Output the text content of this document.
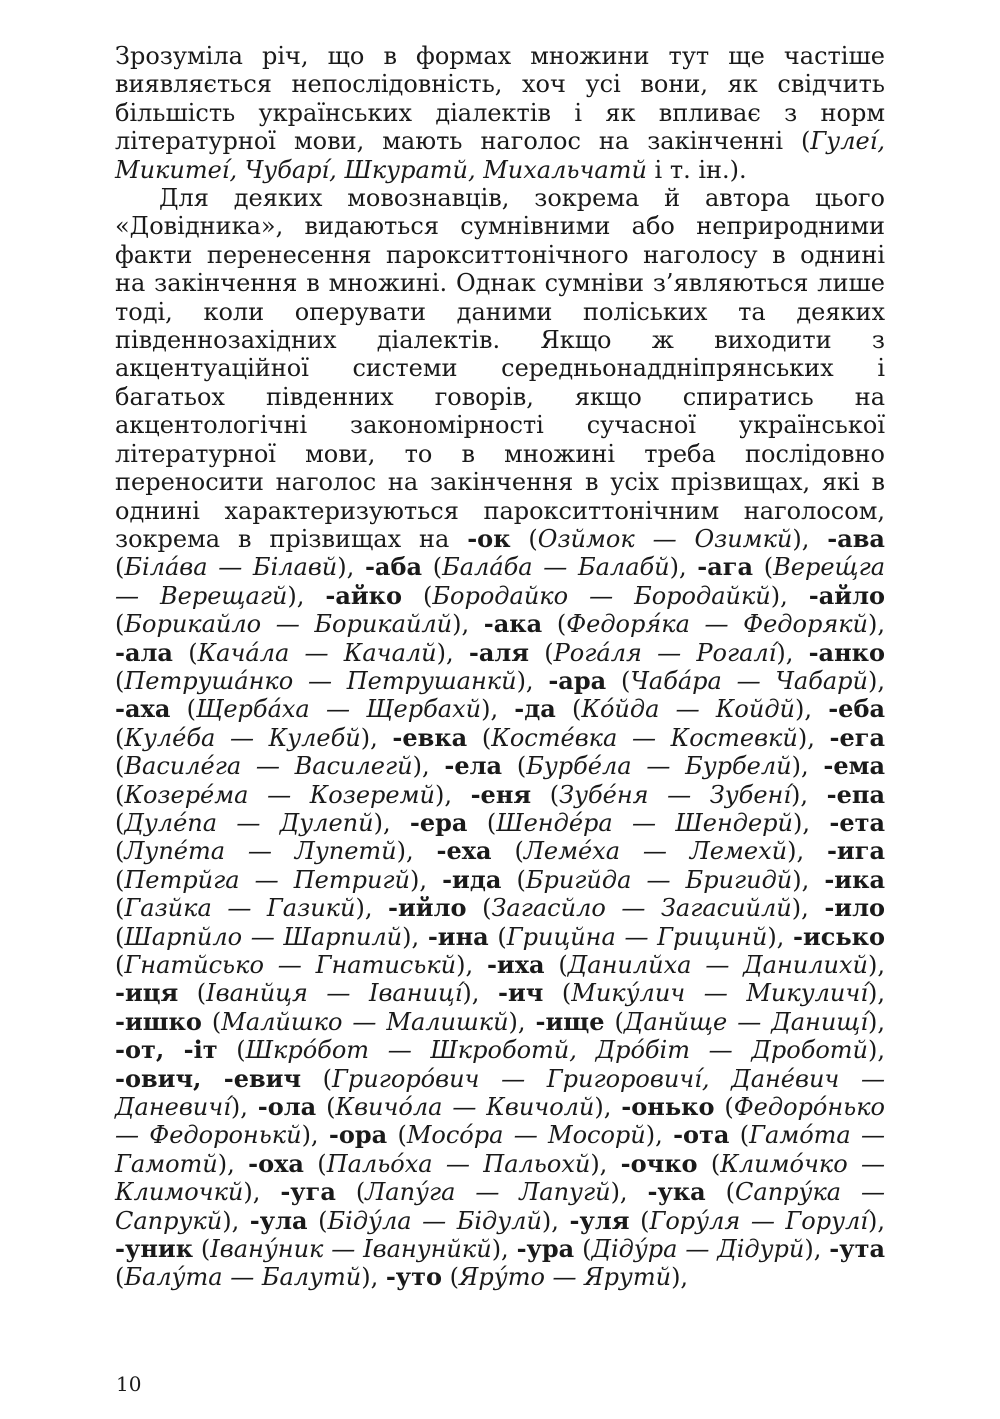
Зрозуміла річ, що в формах множини тут ще частіше виявляється непослідовність, хоч усі вони, як свідчить більшість українських діалектів і як впливає з норм літературної мови, мають наголос на закінченні (Гулеі́, Микитеі́, Чубарі́, Шкуратй, Михальчатй і т. ін.).

Для деяких мовознавців, зокрема й автора цього «Довідника», видаються сумнівними або неприродними факти перенесення парокситтонічного наголосу в однині на закінчення в множині. Однак сумніви з’являються лише тоді, коли оперувати даними поліських та деяких південнозахідних діалектів. Якщо ж виходити з акцентуаційної системи середньонаддніпрянських і багатьох південних говорів, якщо спиратись на акцентологічні закономірності сучасної української літературної мови, то в множині треба послідовно переносити наголос на закінчення в усіх прізвищах, які в однині характеризуються парокситтонічним наголосом, зокрема в прізвищах на -ок (Озймок — Озимкй), -ава (Біла́ва — Білавй), -аба (Бала́ба — Балабй), -ага (Верещ́га — Верещагй), -айко (Бородайко — Бородайкй), -айло (Борикайло — Борикайлй), -ака (Федоря́ка — Федорякй), -ала (Кача́ла — Качалй), -аля (Рога́ля — Рогалі́), -анко (Петруша́нко — Петрушанкй), -ара (Чаба́ра — Чабарй), -аха (Щерба́ха — Щербахй), -да (Ко́йда — Койдй), -еба (Куле́ба — Кулебй), -евка (Косте́вка — Костевкй), -ега (Василе́га — Василегй), -ела (Бурбе́ла — Бурбелй), -ема (Козере́ма — Козеремй), -еня (Зубе́ня — Зубені́), -епа (Дуле́па — Дулепй), -ера (Шенде́ра — Шендерй), -ета (Лупе́та — Лупетй), -еха (Леме́ха — Лемехй), -ига (Петрйга — Петригй), -ида (Бригйда — Бригидй), -ика (Газйка — Газикй), -ийло (Загасйло — Загасийлй), -ило (Шарпйло — Шарпилй), -ина (Грицйна — Грицинй), -исько (Гнатйсько — Гнатиськй), -иха (Данилйха — Данилихй), -иця (Іванйця — Іваниці́), -ич (Мику́лич — Микуличі́), -ишко (Малйшко — Малишкй), -ище (Данйще — Данищі́), -от, -іт (Шкро́бот — Шкроботй, Дро́біт — Дроботй), -ович, -евич (Григоро́вич — Григоровичі́, Дане́вич — Даневичі́), -ола (Квичо́ла — Квичолй), -онько (Федоро́нько — Федоронькй), -ора (Мосо́ра — Мосорй), -ота (Гамо́та — Гамотй), -оха (Пальо́ха — Пальохй), -очко (Климо́чко — Климочкй), -уга (Лапу́га — Лапугй), -ука (Сапру́ка — Сапрукй), -ула (Біду́ла — Бідулй), -уля (Гору́ля — Горулі́), -уник (Івану́ник — Іванунйкй), -ура (Діду́ра — Дідурй), -ута (Балу́та — Балутй), -уто (Яру́то — Ярутй),

10
